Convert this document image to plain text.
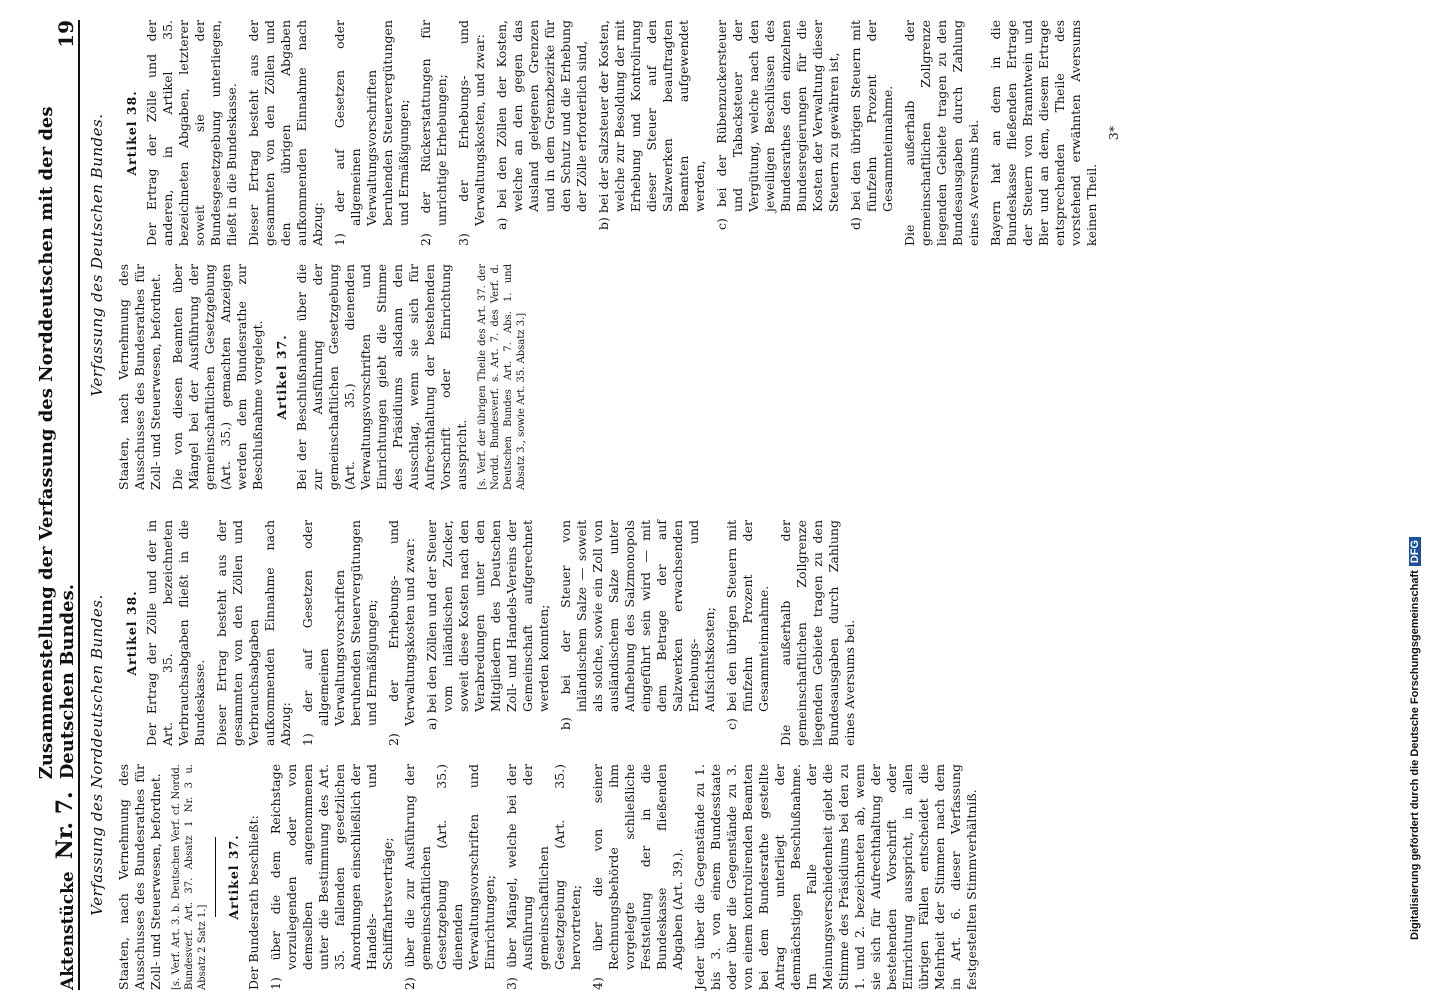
Aktenstücke
Nr. 7.
Zusammenstellung der Verfassung des Norddeutschen mit der des Deutschen Bundes.
19
Verfassung des Norddeutschen Bundes. Staaten, nach Vernehmung des Ausschusses des Bundesrathes für Zoll- und Steuerwesen, befordnet. [s. Verf. Art. 3. b. Deutschen Verf. cf. Nordd. Bundesverf. Art. 37. Absatz 1 Nr. 3 u. Absatz 2 Satz 1.]

Artikel 37. Der Bundesrath beschließt: 1) über die dem Reichstage vorzulegenden oder von demselben angenommenen unter die Bestimmung des Art. 35. fallenden gesetzlichen Anordnungen einschließlich der Handels- und Schifffahrtsverträge; 2) über die zur Ausführung der gemeinschaftlichen Gesetzgebung (Art. 35.) dienenden Verwaltungsvorschriften und Einrichtungen; 3) über Mängel, welche bei der Ausführung der gemeinschaftlichen Gesetzgebung (Art. 35.) hervortreten; 4) über die von seiner Rechnungsbehörde ihm vorgelegte schließliche Feststellung der in die Bundeskasse fließenden Abgaben (Art. 39.). Jeder über die Gegenstände zu 1. bis 3. von einem Bundesstaate oder über die Gegenstände zu 3. von einem kontrolirenden Beamten bei dem Bundesrathe gestellte Antrag unterliegt der demnächstigen Beschlußnahme. Im Falle der Meinungsverschiedenheit giebt die Stimme des Präsidiums bei den zu 1. und 2. bezeichneten ab, wenn sie sich für Aufrechthaltung der bestehenden Vorschrift oder Einrichtung ausspricht, in allen übrigen Fällen entscheidet die Mehrheit der Stimmen nach dem in Art. 6. dieser Verfassung festgestellten Stimmverhältniß.

Artikel 38. Der Ertrag der Zölle und der in Art. 35. bezeichneten Verbrauchsabgaben fließt in die Bundeskasse. Dieser Ertrag besteht aus der gesammten von den Zöllen und Verbrauchsabgaben aufkommenden Einnahme nach Abzug: 1) der auf Gesetzen oder allgemeinen Verwaltungsvorschriften beruhenden Steuervergütungen und Ermäßigungen; 2) der Erhebungs- und Verwaltungskosten und zwar: a) bei den Zöllen und der Steuer vom inländischen Zucker, soweit diese Kosten nach den Verabredungen unter den Mitgliedern des Deutschen Zoll- und Handels-Vereins der Gemeinschaft aufgerechnet werden konnten; b) bei der Steuer von inländischem Salze — soweit als solche, sowie ein Zoll von ausländischem Salze unter Aufhebung des Salzmonopols eingeführt sein wird — mit dem Betrage der auf Salzwerken erwachsenden Erhebungs- und Aufsichtskosten; c) bei den übrigen Steuern mit fünfzehn Prozent der Gesammteinnahme. Die außerhalb der gemeinschaftlichen Zollgrenze liegenden Gebiete tragen zu den Bundesausgaben durch Zahlung eines Aversums bei.

Verfassung des Deutschen Bundes. Staaten, nach Vernehmung des Ausschusses des Bundesrathes für Zoll- und Steuerwesen, befordnet. Die von diesen Beamten über Mängel bei der Ausführung der gemeinschaftlichen Gesetzgebung (Art. 35.) gemachten Anzeigen werden dem Bundesrathe zur Beschlußnahme vorgelegt. Artikel 37. Bei der Beschlußnahme über die zur Ausführung der gemeinschaftlichen Gesetzgebung (Art. 35.) dienenden Verwaltungsvorschriften und Einrichtungen giebt die Stimme des Präsidiums alsdann den Ausschlag, wenn sie sich für Aufrechthaltung der bestehenden Vorschrift oder Einrichtung ausspricht. [s. Verf. der übrigen Theile des Art. 37. der Nordd. Bundesverf. s. Art. 7. des Verf. d. Deutschen Bundes Art. 7. Abs. 1. und Absatz 3., sowie Art. 35. Absatz 3.]

Artikel 38. Der Ertrag der Zölle und der anderen, in Artikel 35. bezeichneten Abgaben, letzterer soweit sie der Bundesgesetzgebung unterliegen, fließt in die Bundeskasse. Dieser Ertrag besteht aus der gesammten von den Zöllen und den übrigen Abgaben aufkommenden Einnahme nach Abzug: 1) der auf Gesetzen oder allgemeinen Verwaltungsvorschriften beruhenden Steuervergütungen und Ermäßigungen; 2) der Rückerstattungen für unrichtige Erhebungen; 3) der Erhebungs- und Verwaltungskosten, und zwar: a) bei den Zöllen der Kosten, welche an den gegen das Ausland gelegenen Grenzen und in dem Grenzbezirke für den Schutz und die Erhebung der Zölle erforderlich sind, b) bei der Salzsteuer der Kosten, welche zur Besoldung der mit Erhebung und Kontrolirung dieser Steuer auf den Salzwerken beauftragten Beamten aufgewendet werden, c) bei der Rübenzuckersteuer und Tabacksteuer der Vergütung, welche nach den jeweiligen Beschlüssen des Bundesrathes den einzelnen Bundesregierungen für die Kosten der Verwaltung dieser Steuern zu gewähren ist, d) bei den übrigen Steuern mit fünfzehn Prozent der Gesammteinnahme. Die außerhalb der gemeinschaftlichen Zollgrenze liegenden Gebiete tragen zu den Bundesausgaben durch Zahlung eines Aversums bei. Bayern hat an dem in die Bundeskasse fließenden Ertrage der Steuern von Branntwein und Bier und an dem, diesem Ertrage entsprechenden Theile des vorstehend erwähnten Aversums keinen Theil.

3*

Digitalisierung gefördert durch die Deutsche ForschungsgemeinschaftDFG
